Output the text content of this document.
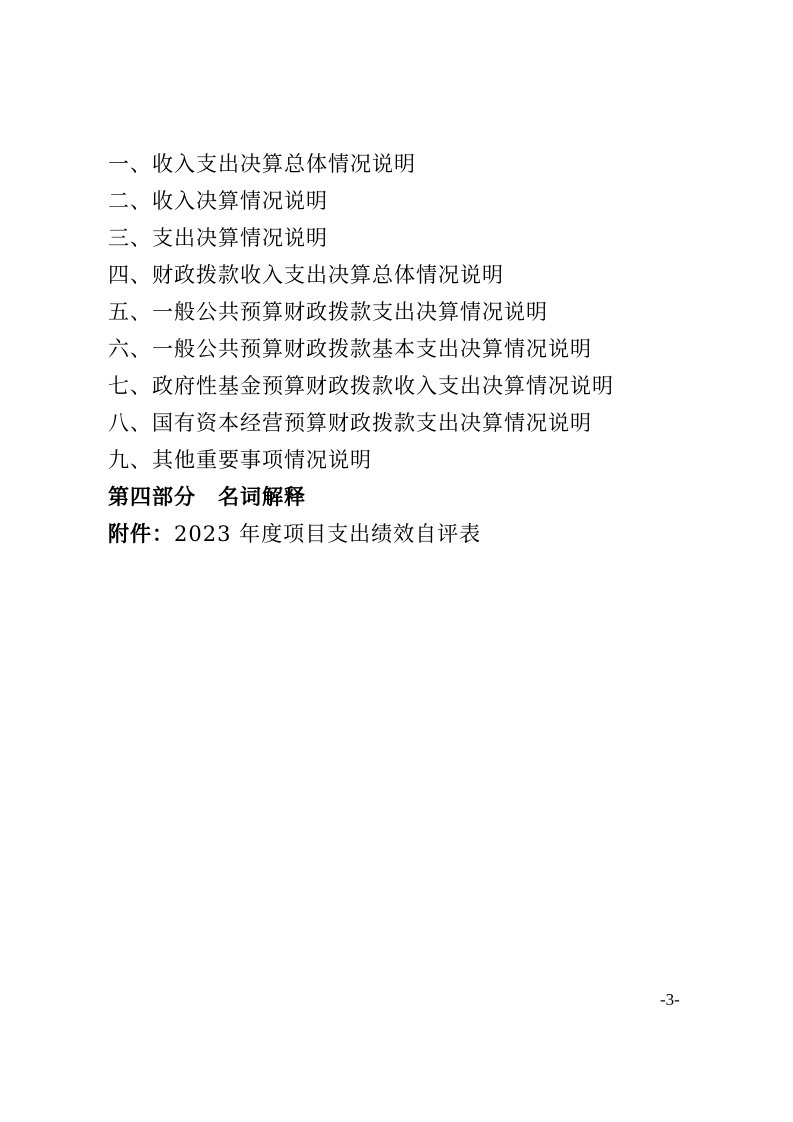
一、收入支出决算总体情况说明
二、收入决算情况说明
三、支出决算情况说明
四、财政拨款收入支出决算总体情况说明
五、一般公共预算财政拨款支出决算情况说明
六、一般公共预算财政拨款基本支出决算情况说明
七、政府性基金预算财政拨款收入支出决算情况说明
八、国有资本经营预算财政拨款支出决算情况说明
九、其他重要事项情况说明
第四部分 名词解释
附件：2023 年度项目支出绩效自评表
-3-
